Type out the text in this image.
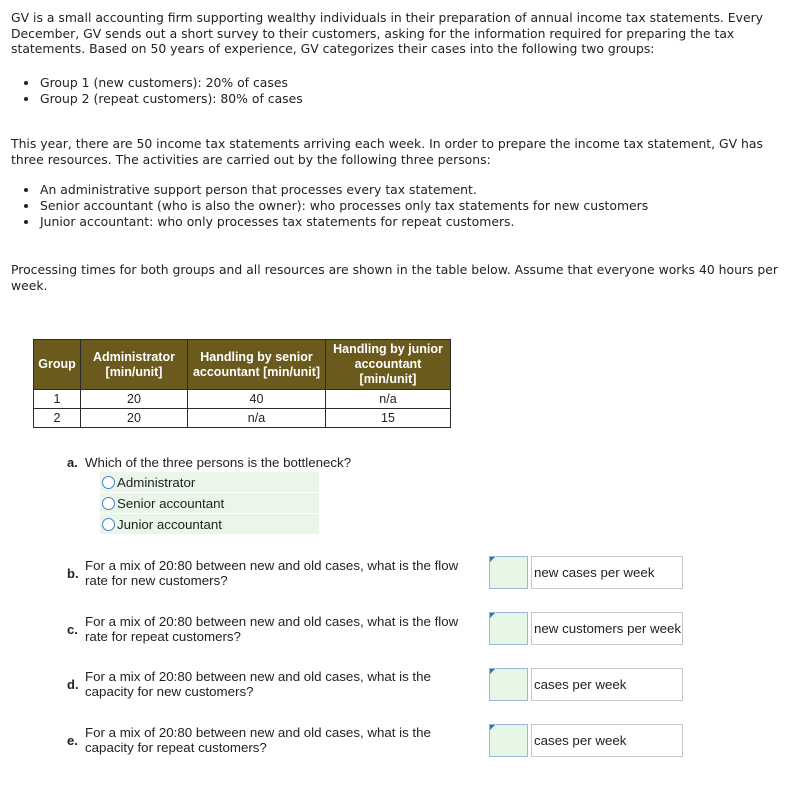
GV is a small accounting firm supporting wealthy individuals in their preparation of annual income tax statements. Every December, GV sends out a short survey to their customers, asking for the information required for preparing the tax statements. Based on 50 years of experience, GV categorizes their cases into the following two groups:

Group 1 (new customers): 20% of cases
Group 2 (repeat customers): 80% of cases

This year, there are 50 income tax statements arriving each week. In order to prepare the income tax statement, GV has three resources. The activities are carried out by the following three persons:

An administrative support person that processes every tax statement.
Senior accountant (who is also the owner): who processes only tax statements for new customers
Junior accountant: who only processes tax statements for repeat customers.

Processing times for both groups and all resources are shown in the table below. Assume that everyone works 40 hours per week.

Group	Administrator [min/unit]	Handling by senior accountant [min/unit]	Handling by junior accountant [min/unit]
1	20	40	n/a
2	20	n/a	15
a. Which of the three persons is the bottleneck?

Administrator
Senior accountant
Junior accountant
b.

For a mix of 20:80 between new and old cases, what is the flow rate for new customers?

new cases per week
c.

For a mix of 20:80 between new and old cases, what is the flow rate for repeat customers?

new customers per week
d.

For a mix of 20:80 between new and old cases, what is the capacity for new customers?	cases per week
e.

For a mix of 20:80 between new and old cases, what is the capacity for repeat customers?	cases per week
